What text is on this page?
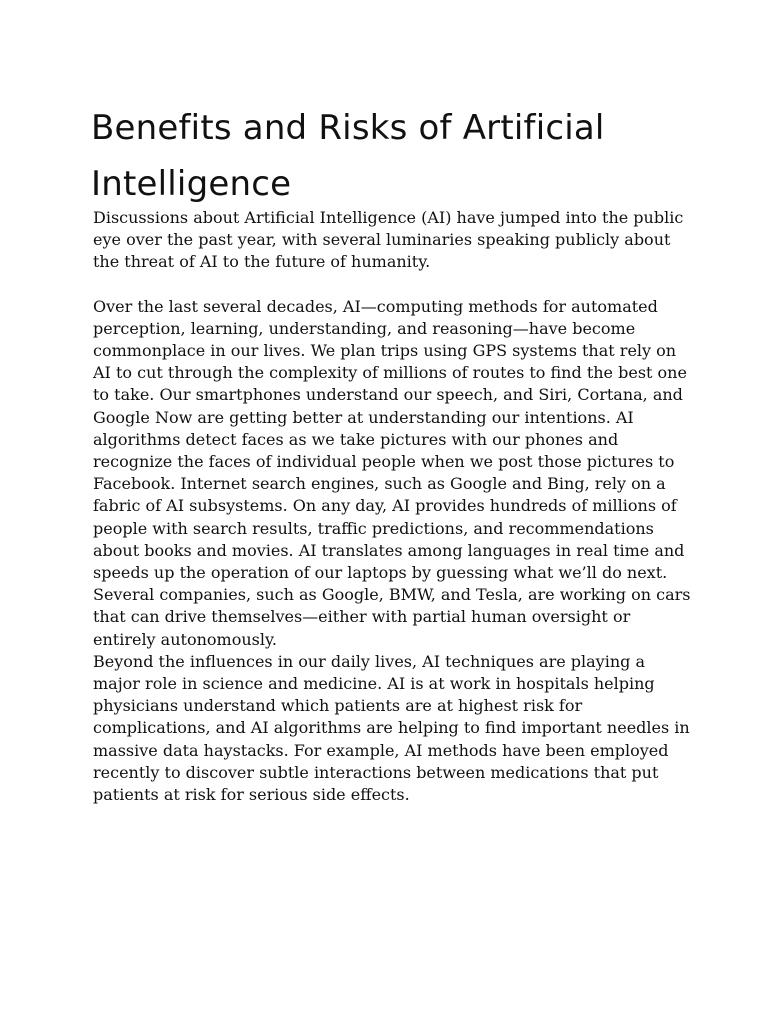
Benefits and Risks of Artificial
Intelligence

Discussions about Artificial Intelligence (AI) have jumped into the public eye over the past year, with several luminaries speaking publicly about the threat of AI to the future of humanity.

Over the last several decades, AI—computing methods for automated perception, learning, understanding, and reasoning—have become commonplace in our lives. We plan trips using GPS systems that rely on AI to cut through the complexity of millions of routes to find the best one to take. Our smartphones understand our speech, and Siri, Cortana, and Google Now are getting better at understanding our intentions. AI algorithms detect faces as we take pictures with our phones and recognize the faces of individual people when we post those pictures to Facebook. Internet search engines, such as Google and Bing, rely on a fabric of AI subsystems. On any day, AI provides hundreds of millions of people with search results, traffic predictions, and recommendations about books and movies. AI translates among languages in real time and speeds up the operation of our laptops by guessing what we’ll do next. Several companies, such as Google, BMW, and Tesla, are working on cars that can drive themselves—either with partial human oversight or entirely autonomously.

Beyond the influences in our daily lives, AI techniques are playing a major role in science and medicine. AI is at work in hospitals helping physicians understand which patients are at highest risk for complications, and AI algorithms are helping to find important needles in massive data haystacks. For example, AI methods have been employed recently to discover subtle interactions between medications that put patients at risk for serious side effects.
